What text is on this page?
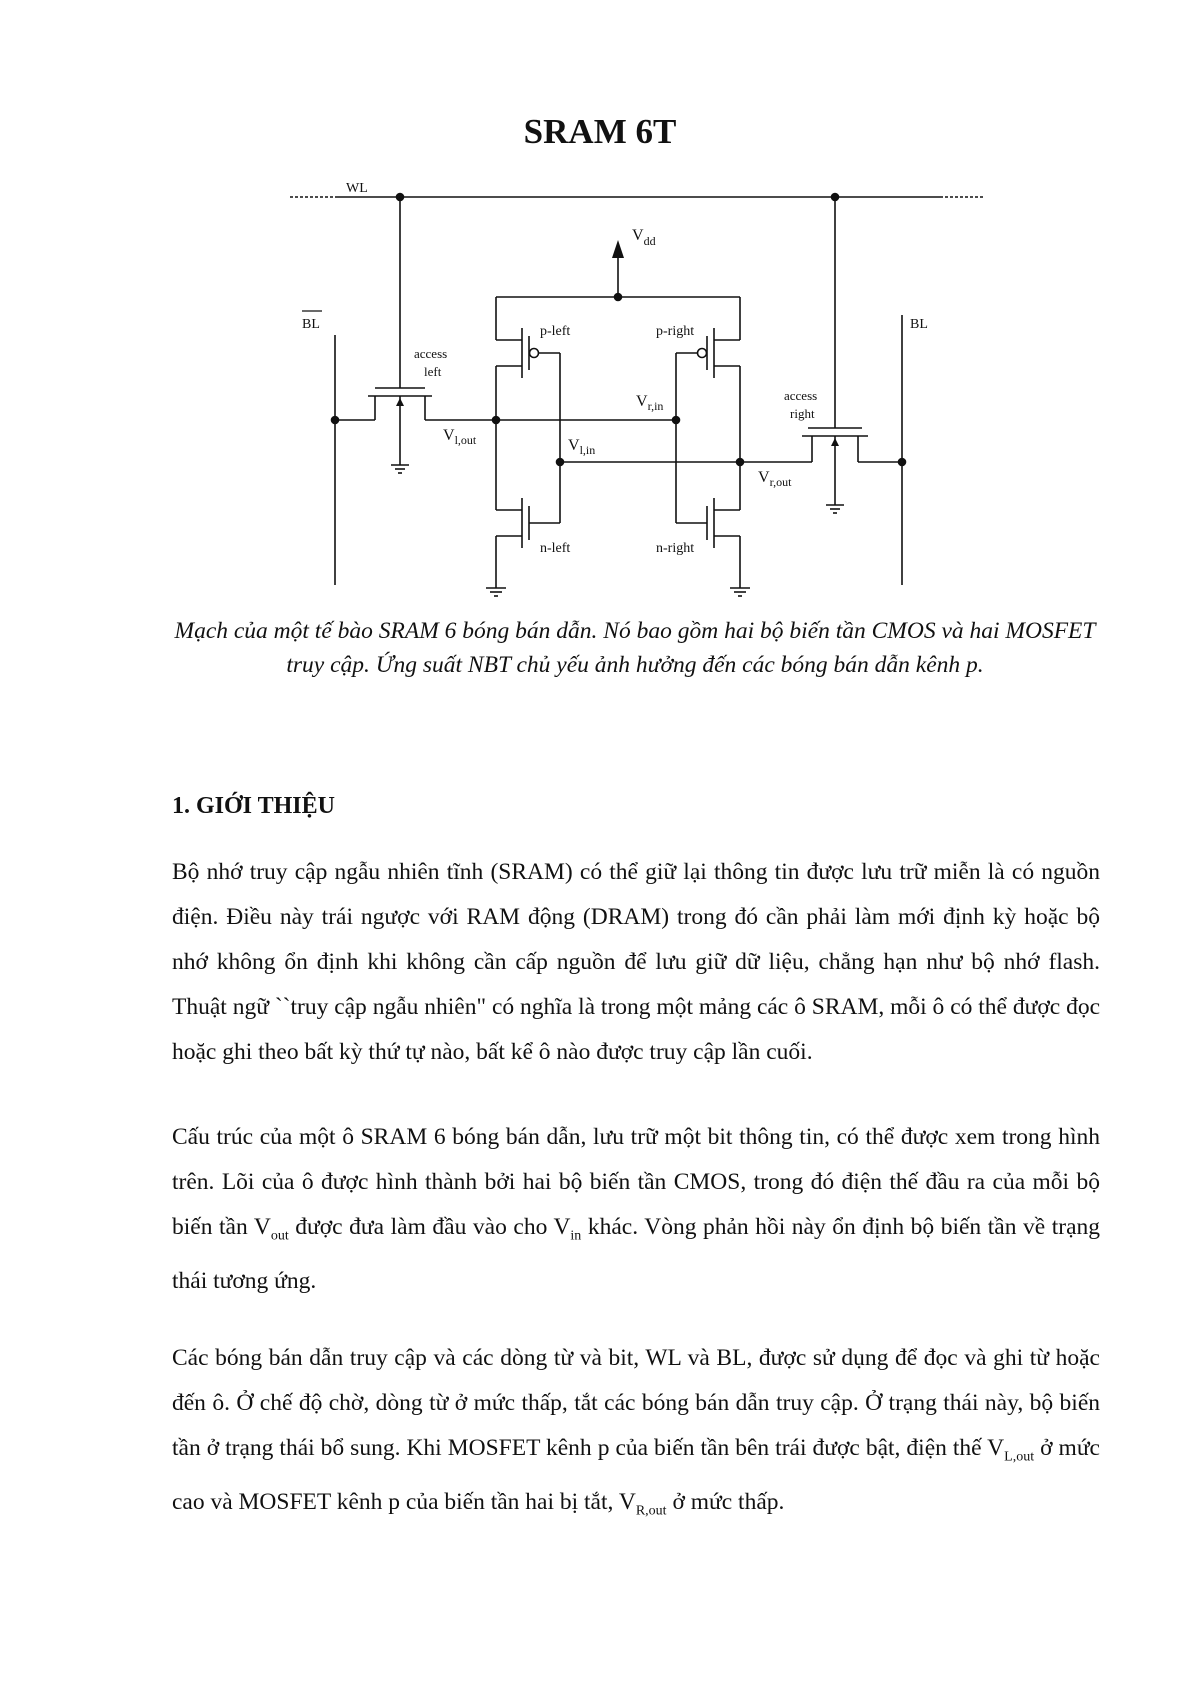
SRAM 6T
WL
BL	BL
$V_{dd}$
p-left	p-right
n-left	n-right
access
left
access
right
$V_{l,out}$	$V_{l,in}$
$V_{r,in}$
$V_{r,out}$

Mạch của một tế bào SRAM 6 bóng bán dẫn. Nó bao gồm hai bộ biến tần CMOS và hai MOSFET truy cập. Ứng suất NBT chủ yếu ảnh hưởng đến các bóng bán dẫn kênh p.

1. GIỚI THIỆU

Bộ nhớ truy cập ngẫu nhiên tĩnh (SRAM) có thể giữ lại thông tin được lưu trữ miễn là có nguồn điện. Điều này trái ngược với RAM động (DRAM) trong đó cần phải làm mới định kỳ hoặc bộ nhớ không ổn định khi không cần cấp nguồn để lưu giữ dữ liệu, chẳng hạn như bộ nhớ flash. Thuật ngữ ``truy cập ngẫu nhiên" có nghĩa là trong một mảng các ô SRAM, mỗi ô có thể được đọc hoặc ghi theo bất kỳ thứ tự nào, bất kể ô nào được truy cập lần cuối.

Cấu trúc của một ô SRAM 6 bóng bán dẫn, lưu trữ một bit thông tin, có thể được xem trong hình trên. Lõi của ô được hình thành bởi hai bộ biến tần CMOS, trong đó điện thế đầu ra của mỗi bộ biến tần $V_{out}$ được đưa làm đầu vào cho $V_{in}$ khác. Vòng phản hồi này ổn định bộ biến tần về trạng thái tương ứng.

Các bóng bán dẫn truy cập và các dòng từ và bit, WL và BL, được sử dụng để đọc và ghi từ hoặc đến ô. Ở chế độ chờ, dòng từ ở mức thấp, tắt các bóng bán dẫn truy cập. Ở trạng thái này, bộ biến tần ở trạng thái bổ sung. Khi MOSFET kênh p của biến tần bên trái được bật, điện thế $V_{L,out}$ ở mức cao và MOSFET kênh p của biến tần hai bị tắt, $V_{R,out}$ ở mức thấp.
